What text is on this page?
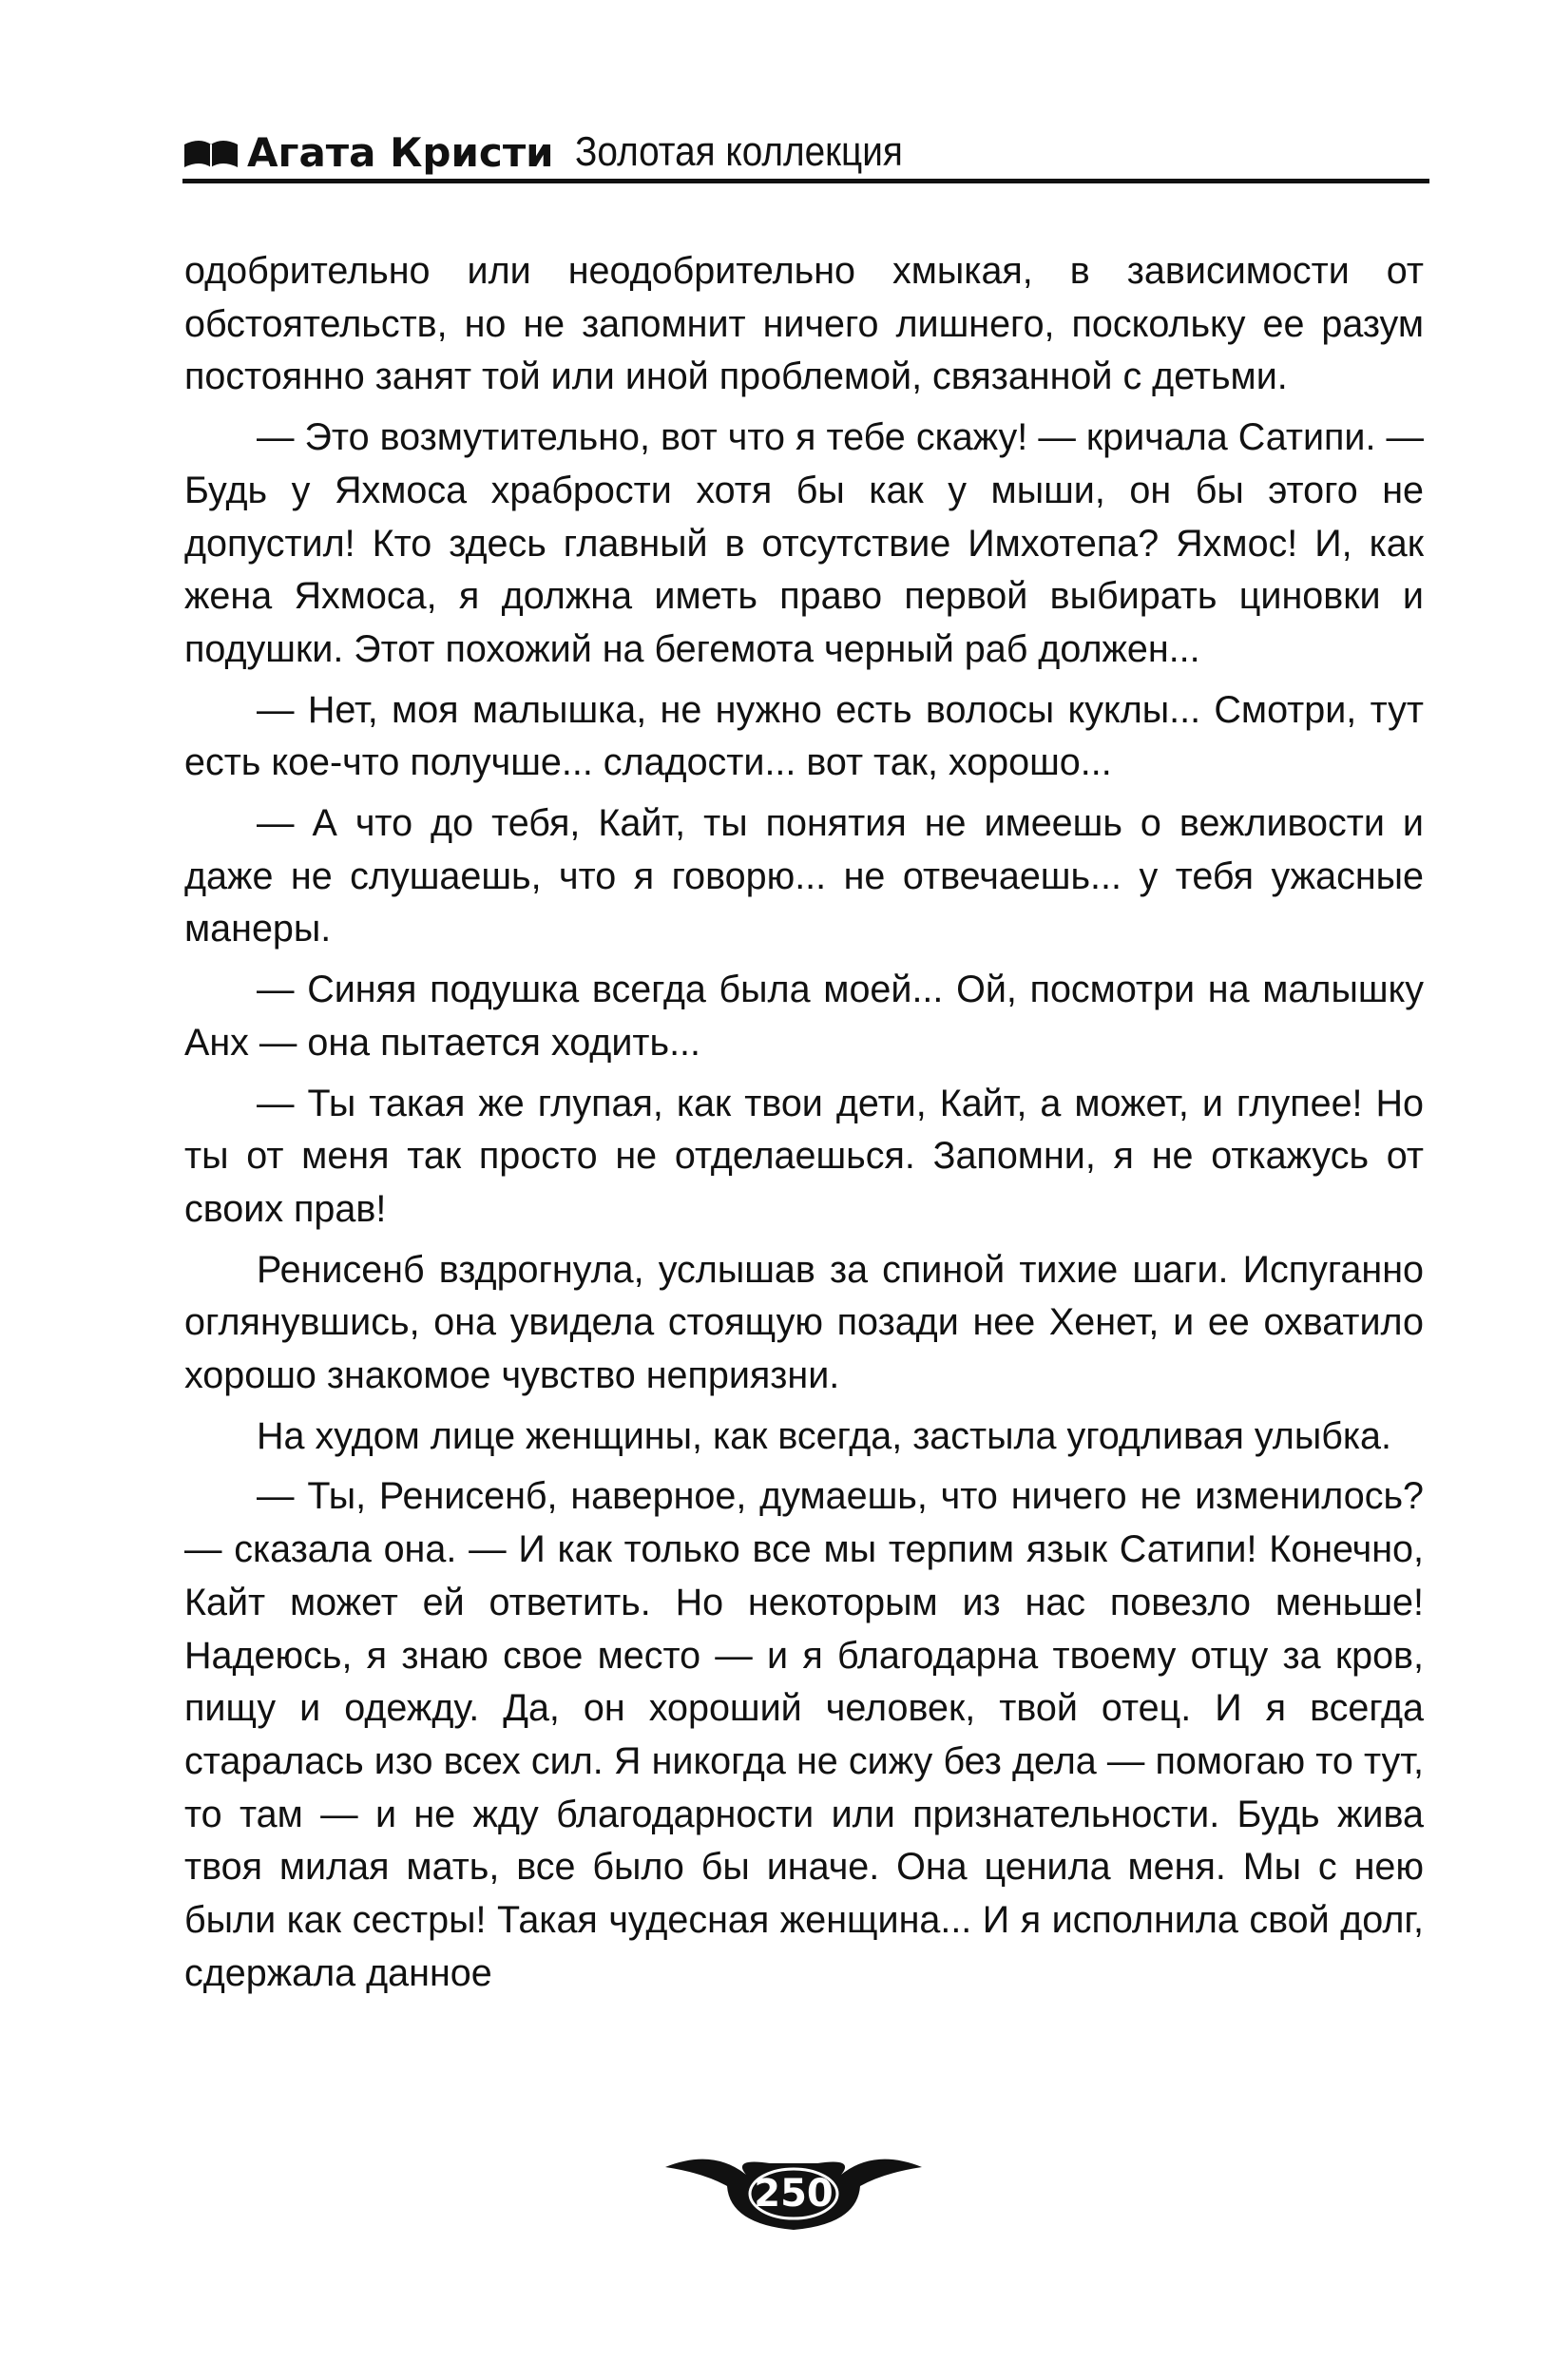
Агата Кристи Золотая коллекция

одобрительно или неодобрительно хмыкая, в зависимости от обстоятельств, но не запомнит ничего лишнего, поскольку ее разум постоянно занят той или иной проблемой, связанной с детьми.

— Это возмутительно, вот что я тебе скажу! — кричала Сатипи. — Будь у Яхмоса храбрости хотя бы как у мыши, он бы этого не допустил! Кто здесь главный в отсутствие Имхотепа? Яхмос! И, как жена Яхмоса, я должна иметь право первой выбирать циновки и подушки. Этот похожий на бегемота черный раб должен...

— Нет, моя малышка, не нужно есть волосы куклы... Смотри, тут есть кое-что получше... сладости... вот так, хорошо...

— А что до тебя, Кайт, ты понятия не имеешь о вежливости и даже не слушаешь, что я говорю... не отвечаешь... у тебя ужасные манеры.

— Синяя подушка всегда была моей... Ой, посмотри на малышку Анх — она пытается ходить...

— Ты такая же глупая, как твои дети, Кайт, а может, и глупее! Но ты от меня так просто не отделаешься. Запомни, я не откажусь от своих прав!

Ренисенб вздрогнула, услышав за спиной тихие шаги. Испуганно оглянувшись, она увидела стоящую позади нее Хенет, и ее охватило хорошо знакомое чувство неприязни.

На худом лице женщины, как всегда, застыла угодливая улыбка.

— Ты, Ренисенб, наверное, думаешь, что ничего не изменилось? — сказала она. — И как только все мы терпим язык Сатипи! Конечно, Кайт может ей ответить. Но некоторым из нас повезло меньше! Надеюсь, я знаю свое место — и я благодарна твоему отцу за кров, пищу и одежду. Да, он хороший человек, твой отец. И я всегда старалась изо всех сил. Я никогда не сижу без дела — помогаю то тут, то там — и не жду благодарности или признательности. Будь жива твоя милая мать, все было бы иначе. Она ценила меня. Мы с нею были как сестры! Такая чудесная женщина... И я исполнила свой долг, сдержала данное

250
